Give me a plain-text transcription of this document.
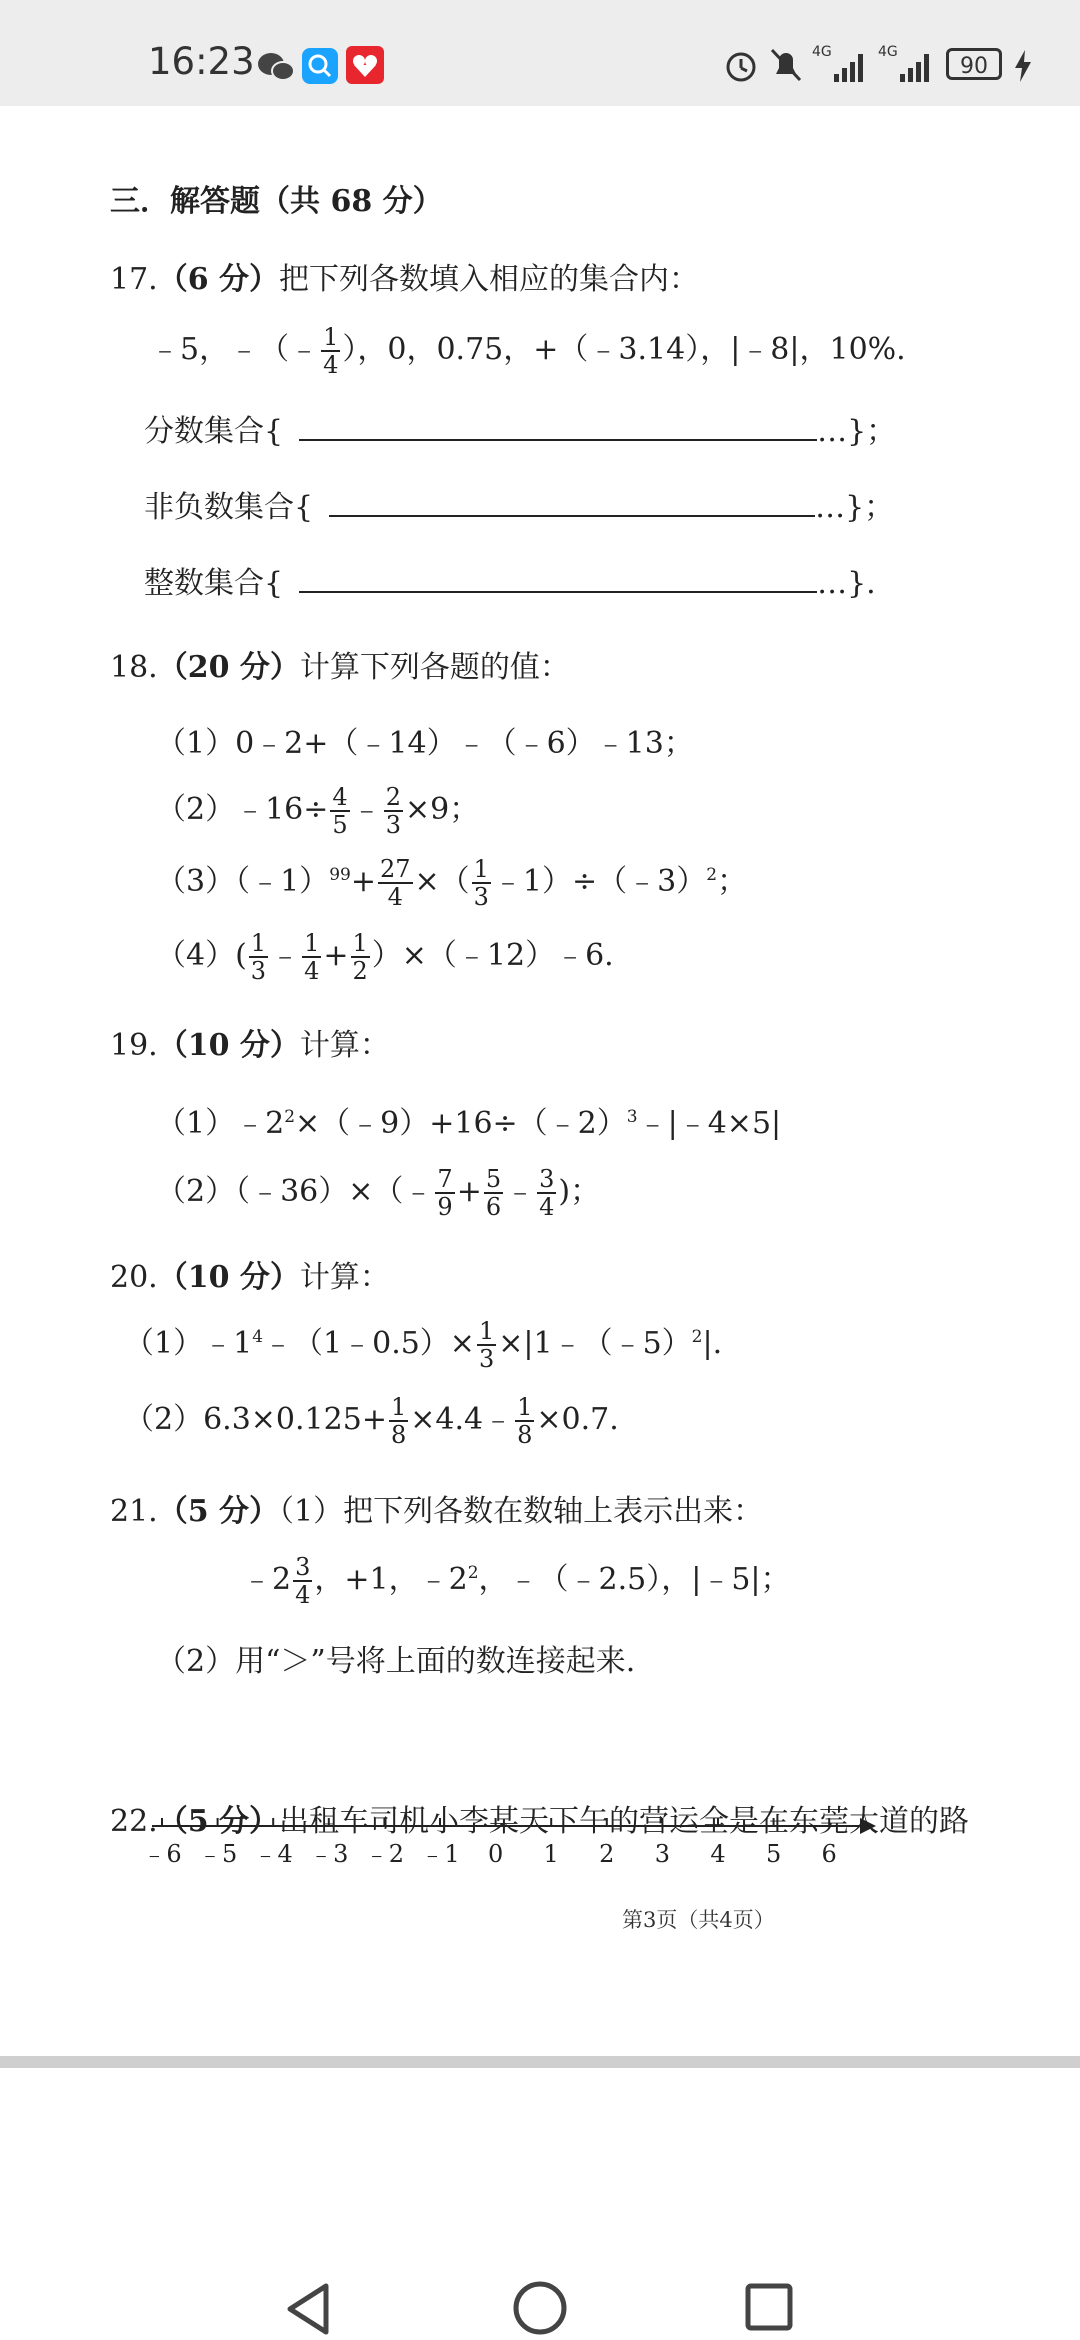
16:23	4G	4G
90
三．解答题（共 68 分）
17.（6 分）把下列各数填入相应的集合内：
﹣5，﹣（﹣ $\frac{1}{4}$ ），0，0.75，+（﹣3.14），|﹣8|，10%.
分数集合{	…}；
非负数集合{	…}；
整数集合{	…}.
18.（20 分）计算下列各题的值：
（1）0﹣2+（﹣14）﹣（﹣6）﹣13；
（2）﹣16÷ $\frac{4}{5}$ ﹣ $\frac{2}{3} \times 9$；
（3）（﹣1）$^{99}$+ $\frac{27}{4}$ ×（ $\frac{1}{3}$ ﹣1）÷（﹣3）$^2$；
$(4)( \frac{1}{3}$ ﹣ $\frac{1}{4} + \frac{1}{2}$ ）×（﹣12）﹣6.
19.（10 分）计算：
$(1)﹣2^2\times(﹣9)+16\div(﹣2)^3﹣|﹣4\times 5|$
（2）（﹣36）×（﹣ $\frac{7}{9} + \frac{5}{6}$ ﹣ $\frac{3}{4}$ )；
20.（10 分）计算：
$(1)﹣1^4﹣(1﹣0.5)\times \frac{1}{3}$ ×|1﹣（﹣5）$^2$|.
$(2)6.3\times 0.125+ \frac{1}{8}$ ×4.4﹣ $\frac{1}{8} \times 0.7$.
21.（5 分）（1）把下列各数在数轴上表示出来：
﹣2 $\frac{3}{4}$ ，+1，$﹣2^2$，﹣（﹣2.5），|﹣5|；
（2）用“＞”号将上面的数连接起来.
﹣6 ﹣5 ﹣4 ﹣3 ﹣2 ﹣1 0 1 2 3 4 5 6
22.（5 分）出租车司机小李某天下午的营运全是在东莞大道的路
第3页（共4页）
